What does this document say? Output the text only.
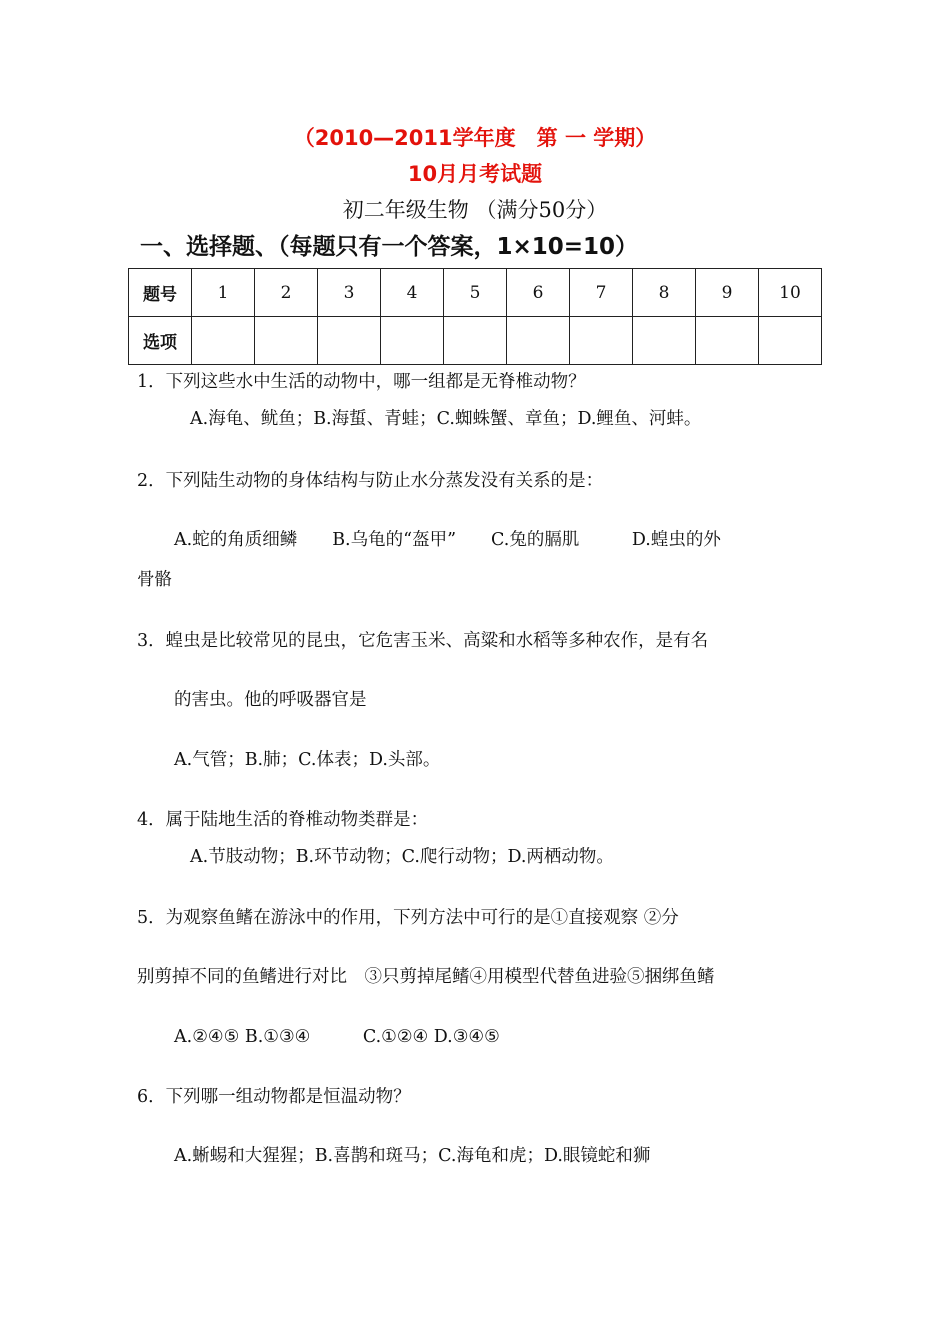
（2010—2011学年度　第 一 学期）
10月月考试题
初二年级生物 （满分50分）
一、选择题、（每题只有一个答案，1×10=10）
题号	1	2	3	4	5	6	7	8	9	10
选项										
1．下列这些水中生活的动物中，哪一组都是无脊椎动物？
A.海龟、鱿鱼；B.海蜇、青蛙；C.蜘蛛蟹、章鱼；D.鲤鱼、河蚌。
2．下列陆生动物的身体结构与防止水分蒸发没有关系的是：
A.蛇的角质细鳞　　B.乌龟的“盔甲”　　C.兔的膈肌　　　D.蝗虫的外
骨骼
3．蝗虫是比较常见的昆虫，它危害玉米、高粱和水稻等多种农作，是有名
的害虫。他的呼吸器官是
A.气管；B.肺；C.体表；D.头部。
4．属于陆地生活的脊椎动物类群是：
A.节肢动物；B.环节动物；C.爬行动物；D.两栖动物。
5．为观察鱼鳍在游泳中的作用，下列方法中可行的是①直接观察 ②分
别剪掉不同的鱼鳍进行对比　③只剪掉尾鳍④用模型代替鱼进验⑤捆绑鱼鳍
A.②④⑤ B.①③④　　　C.①②④ D.③④⑤
6．下列哪一组动物都是恒温动物？
A.蜥蜴和大猩猩；B.喜鹊和斑马；C.海龟和虎；D.眼镜蛇和狮
